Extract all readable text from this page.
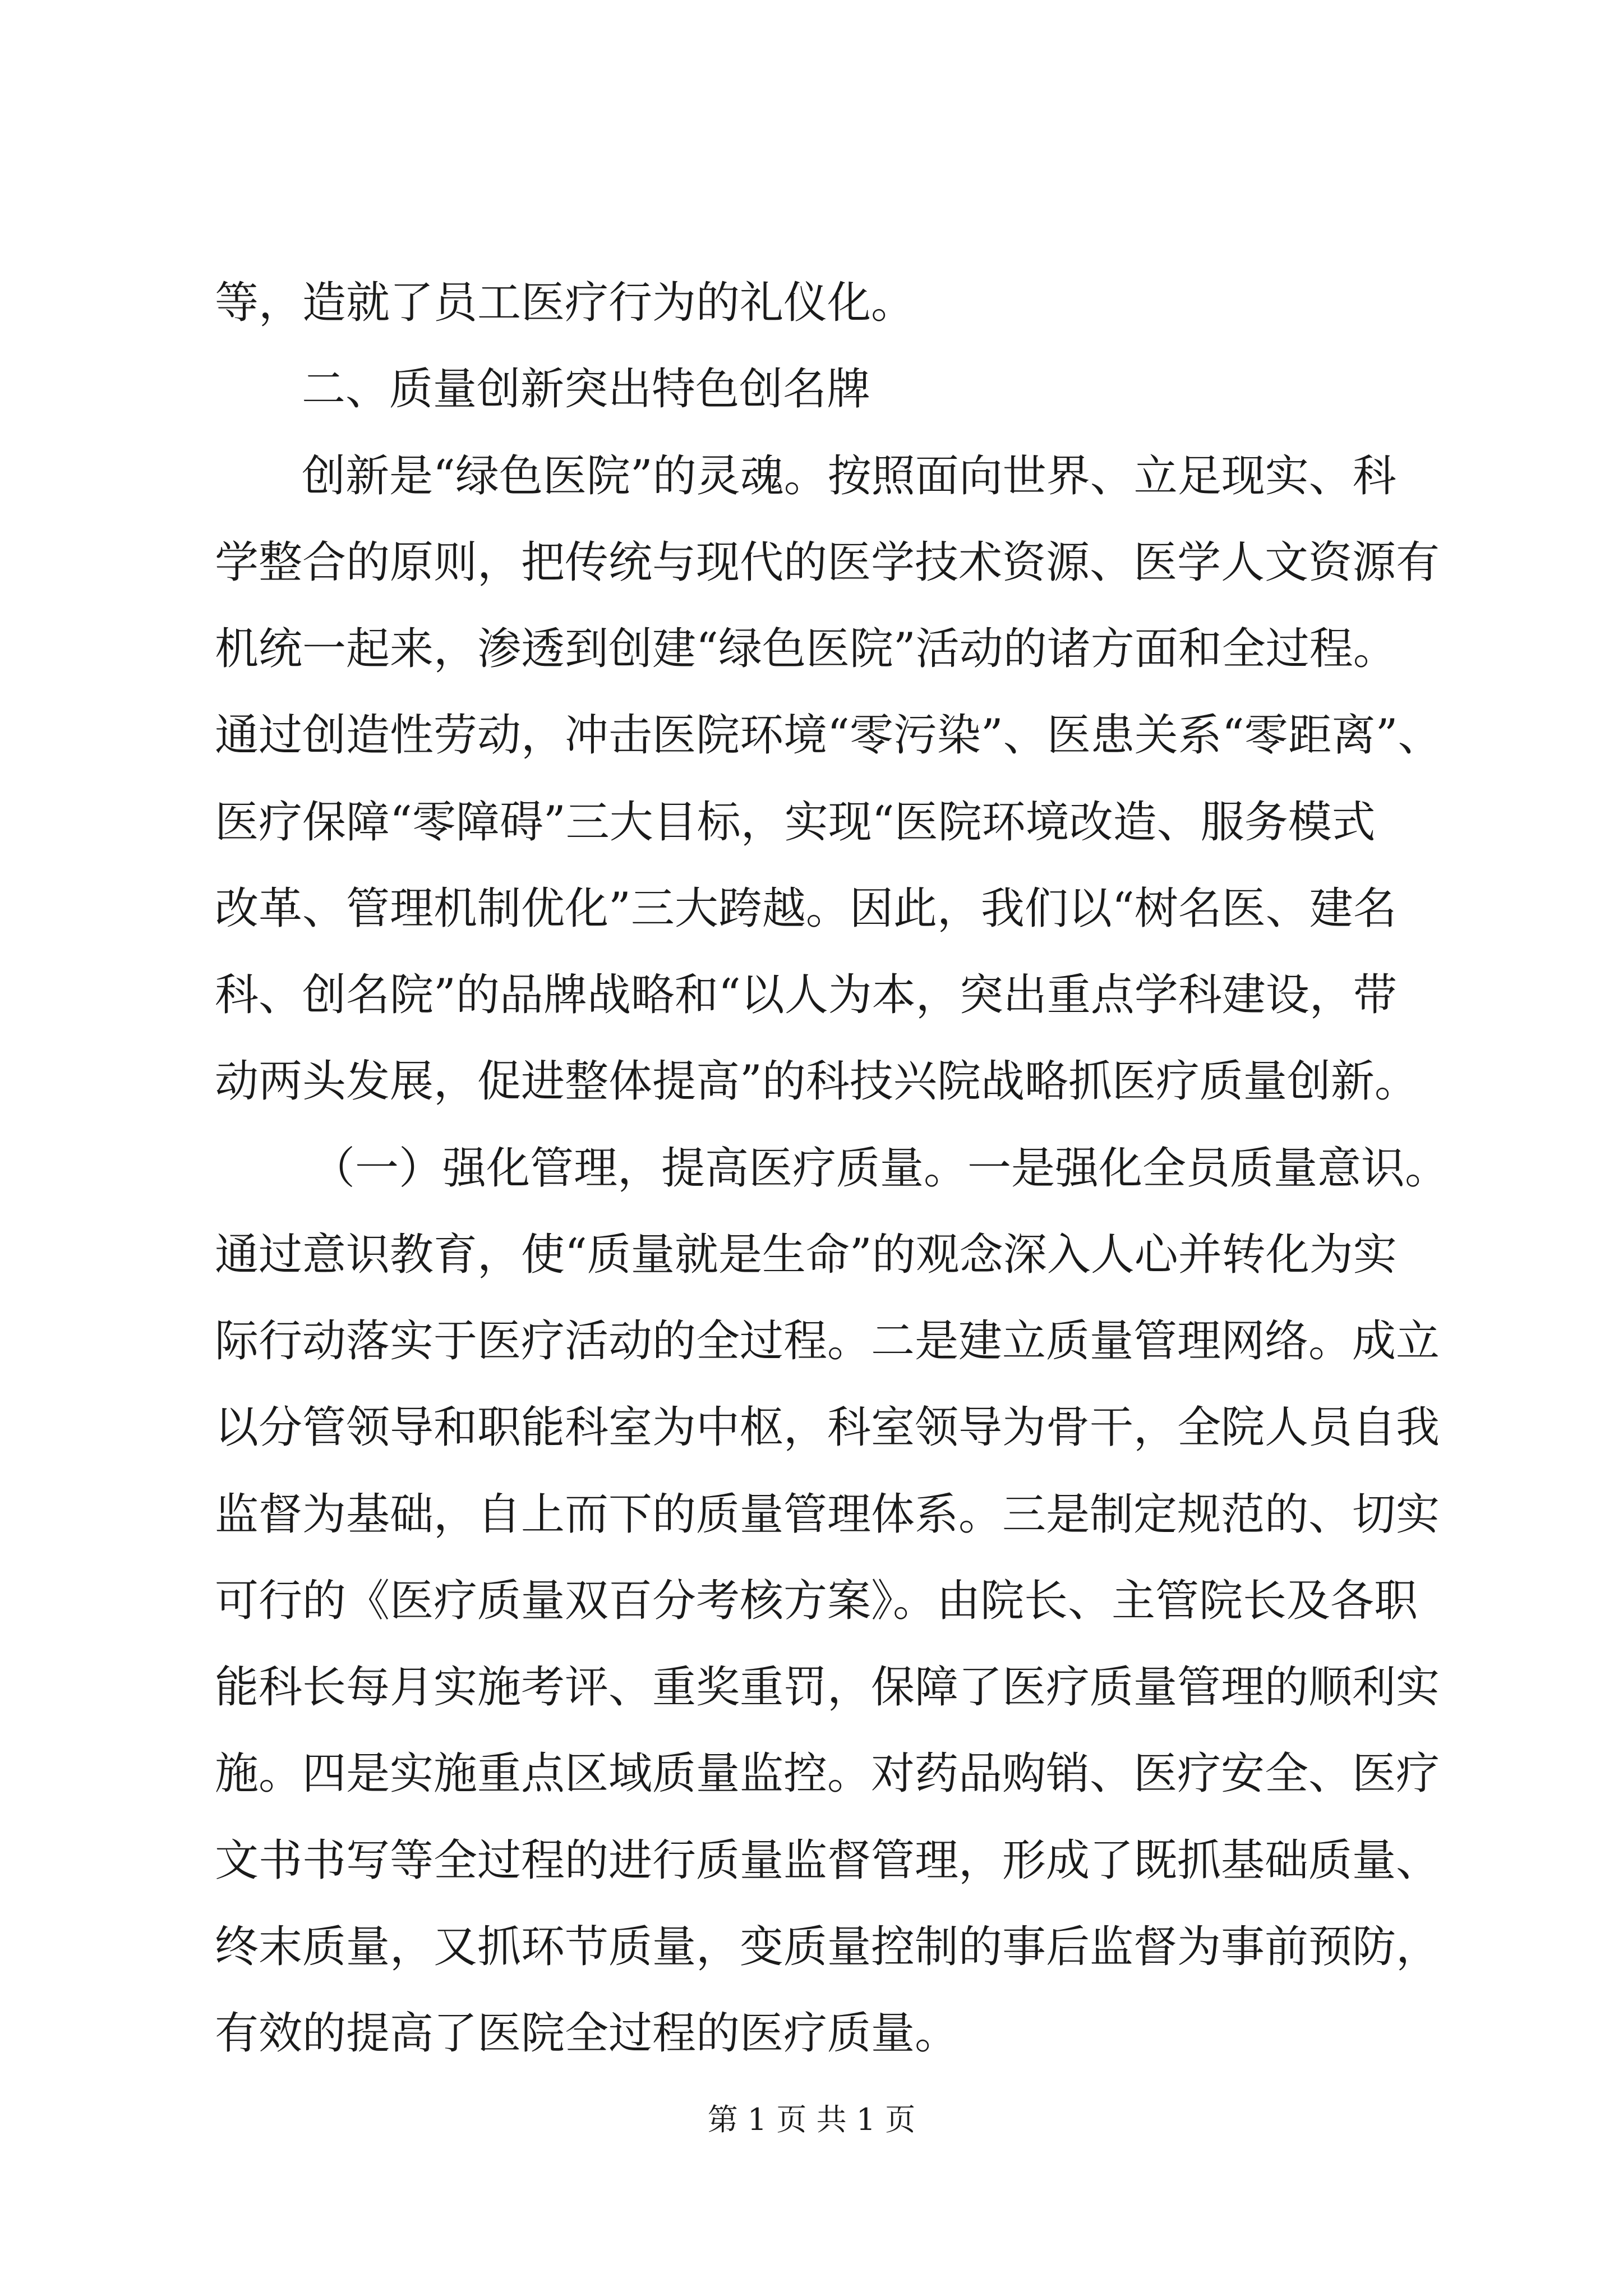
等，造就了员工医疗行为的礼仪化。
二、质量创新突出特色创名牌
创新是“绿色医院”的灵魂。按照面向世界、立足现实、科
学整合的原则，把传统与现代的医学技术资源、医学人文资源有
机统一起来，渗透到创建“绿色医院”活动的诸方面和全过程。
通过创造性劳动，冲击医院环境“零污染”、医患关系“零距离”、
医疗保障“零障碍”三大目标，实现“医院环境改造、服务模式
改革、管理机制优化”三大跨越。因此，我们以“树名医、建名
科、创名院”的品牌战略和“以人为本，突出重点学科建设，带
动两头发展，促进整体提高”的科技兴院战略抓医疗质量创新。
（一）强化管理，提高医疗质量。一是强化全员质量意识。
通过意识教育，使“质量就是生命”的观念深入人心并转化为实
际行动落实于医疗活动的全过程。二是建立质量管理网络。成立
以分管领导和职能科室为中枢，科室领导为骨干，全院人员自我
监督为基础，自上而下的质量管理体系。三是制定规范的、切实
可行的《医疗质量双百分考核方案》。由院长、主管院长及各职
能科长每月实施考评、重奖重罚，保障了医疗质量管理的顺利实
施。四是实施重点区域质量监控。对药品购销、医疗安全、医疗
文书书写等全过程的进行质量监督管理，形成了既抓基础质量、
终末质量，又抓环节质量，变质量控制的事后监督为事前预防，
有效的提高了医院全过程的医疗质量。
第 1 页 共 1 页
